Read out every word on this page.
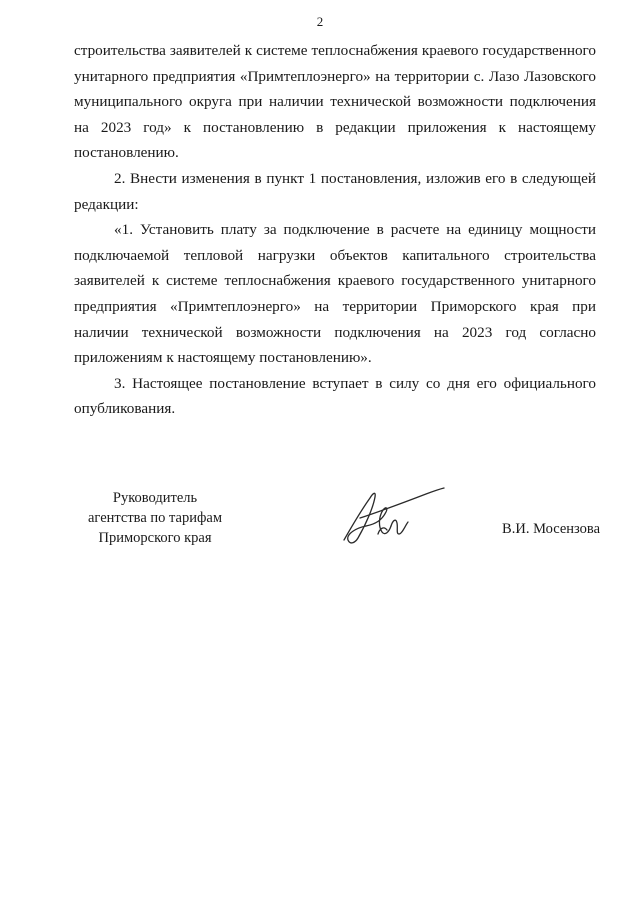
2

строительства заявителей к системе теплоснабжения краевого государственного унитарного предприятия «Примтеплоэнерго» на территории с. Лазо Лазовского муниципального округа при наличии технической возможности подключения на 2023 год» к постановлению в редакции приложения к настоящему постановлению.

2. Внести изменения в пункт 1 постановления, изложив его в следующей редакции:

«1. Установить плату за подключение в расчете на единицу мощности подключаемой тепловой нагрузки объектов капитального строительства заявителей к системе теплоснабжения краевого государственного унитарного предприятия «Примтеплоэнерго» на территории Приморского края при наличии технической возможности подключения на 2023 год согласно приложениям к настоящему постановлению».

3. Настоящее постановление вступает в силу со дня его официального опубликования.

Руководитель
агентства по тарифам
Приморского края
В.И. Мосензова
